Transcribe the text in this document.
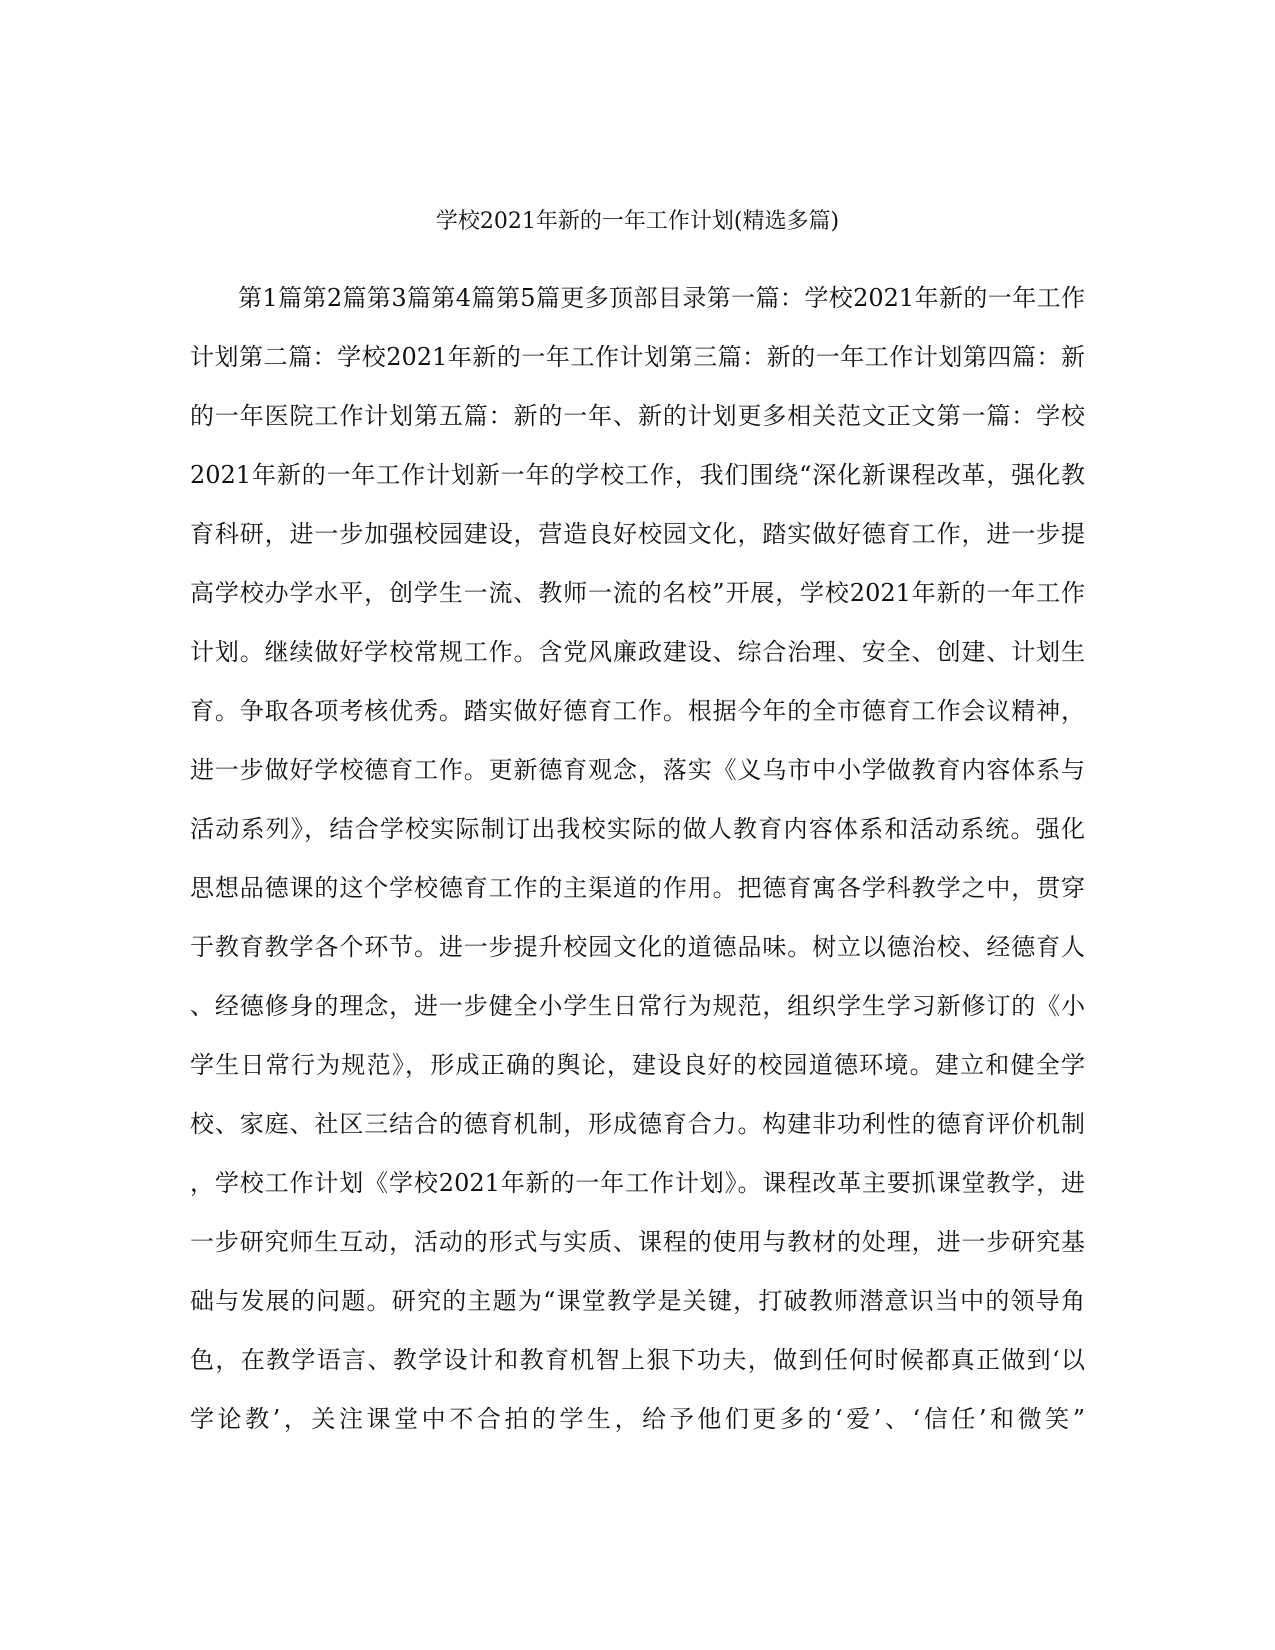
学校2021年新的一年工作计划(精选多篇)
第1篇第2篇第3篇第4篇第5篇更多顶部目录第一篇：学校2021年新的一年工作
计划第二篇：学校2021年新的一年工作计划第三篇：新的一年工作计划第四篇：新
的一年医院工作计划第五篇：新的一年、新的计划更多相关范文正文第一篇：学校
2021年新的一年工作计划新一年的学校工作，我们围绕“深化新课程改革，强化教
育科研，进一步加强校园建设，营造良好校园文化，踏实做好德育工作，进一步提
高学校办学水平，创学生一流、教师一流的名校”开展，学校2021年新的一年工作
计划。继续做好学校常规工作。含党风廉政建设、综合治理、安全、创建、计划生
育。争取各项考核优秀。踏实做好德育工作。根据今年的全市德育工作会议精神，
进一步做好学校德育工作。更新德育观念，落实《义乌市中小学做教育内容体系与
活动系列》，结合学校实际制订出我校实际的做人教育内容体系和活动系统。强化
思想品德课的这个学校德育工作的主渠道的作用。把德育寓各学科教学之中，贯穿
于教育教学各个环节。进一步提升校园文化的道德品味。树立以德治校、经德育人
、经德修身的理念，进一步健全小学生日常行为规范，组织学生学习新修订的《小
学生日常行为规范》，形成正确的舆论，建设良好的校园道德环境。建立和健全学
校、家庭、社区三结合的德育机制，形成德育合力。构建非功利性的德育评价机制
，学校工作计划《学校2021年新的一年工作计划》。课程改革主要抓课堂教学，进
一步研究师生互动，活动的形式与实质、课程的使用与教材的处理，进一步研究基
础与发展的问题。研究的主题为“课堂教学是关键，打破教师潜意识当中的领导角
色，在教学语言、教学设计和教育机智上狠下功夫，做到任何时候都真正做到‘以
学论教’，关注课堂中不合拍的学生，给予他们更多的‘爱’、‘信任’和微笑”
